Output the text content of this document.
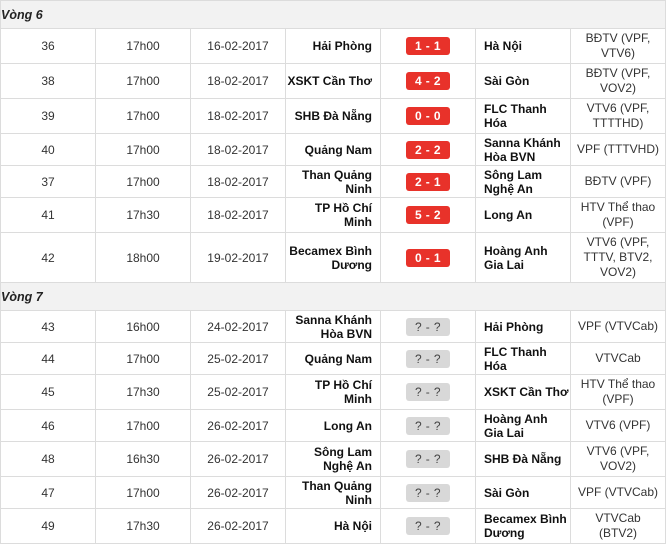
Vòng 6						
36	17h00	16-02-2017	Hải Phòng	1 - 1	Hà Nội	BĐTV (VPF, VTV6)
38	17h00	18-02-2017	XSKT Cần Thơ	4 - 2	Sài Gòn	BĐTV (VPF, VOV2)
39	17h00	18-02-2017	SHB Đà Nẵng	0 - 0	FLC Thanh Hóa	VTV6 (VPF, TTTTHD)
40	17h00	18-02-2017	Quảng Nam	2 - 2	Sanna Khánh Hòa BVN	VPF (TTTVHD)
37	17h00	18-02-2017	Than Quảng Ninh	2 - 1	Sông Lam Nghệ An	BĐTV (VPF)
41	17h30	18-02-2017	TP Hồ Chí Minh	5 - 2	Long An	HTV Thể thao (VPF)
42	18h00	19-02-2017	Becamex Bình Dương	0 - 1	Hoàng Anh Gia Lai	VTV6 (VPF, TTTV, BTV2, VOV2)
Vòng 7						
43	16h00	24-02-2017	Sanna Khánh Hòa BVN	? - ?	Hải Phòng	VPF (VTVCab)
44	17h00	25-02-2017	Quảng Nam	? - ?	FLC Thanh Hóa	VTVCab
45	17h30	25-02-2017	TP Hồ Chí Minh	? - ?	XSKT Cần Thơ	HTV Thể thao (VPF)
46	17h00	26-02-2017	Long An	? - ?	Hoàng Anh Gia Lai	VTV6 (VPF)
48	16h30	26-02-2017	Sông Lam Nghệ An	? - ?	SHB Đà Nẵng	VTV6 (VPF, VOV2)
47	17h00	26-02-2017	Than Quảng Ninh	? - ?	Sài Gòn	VPF (VTVCab)
49	17h30	26-02-2017	Hà Nội	? - ?	Becamex Bình Dương	VTVCab (BTV2)
